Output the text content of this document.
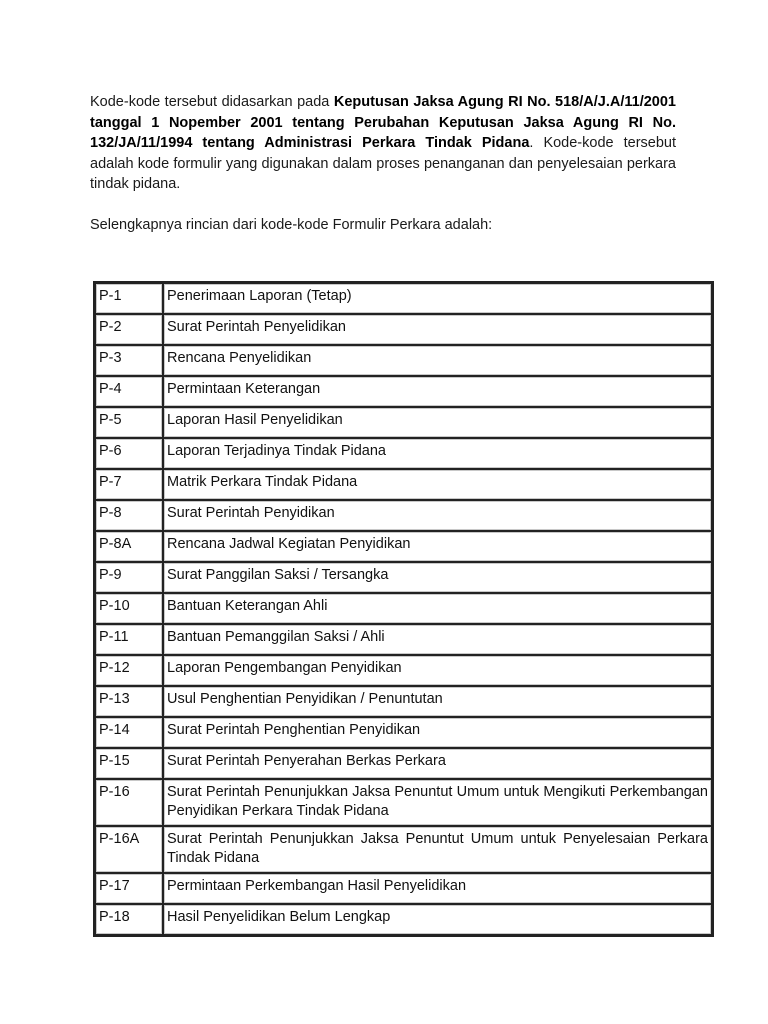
Kode-kode tersebut didasarkan pada Keputusan Jaksa Agung RI No. 518/A/J.A/11/2001 tanggal 1 Nopember 2001 tentang Perubahan Keputusan Jaksa Agung RI No. 132/JA/11/1994 tentang Administrasi Perkara Tindak Pidana. Kode-kode tersebut adalah kode formulir yang digunakan dalam proses penanganan dan penyelesaian perkara tindak pidana.

Selengkapnya rincian dari kode-kode Formulir Perkara adalah:

P-1	Penerimaan Laporan (Tetap)
P-2	Surat Perintah Penyelidikan
P-3	Rencana Penyelidikan
P-4	Permintaan Keterangan
P-5	Laporan Hasil Penyelidikan
P-6	Laporan Terjadinya Tindak Pidana
P-7	Matrik Perkara Tindak Pidana
P-8	Surat Perintah Penyidikan
P-8A	Rencana Jadwal Kegiatan Penyidikan
P-9	Surat Panggilan Saksi / Tersangka
P-10	Bantuan Keterangan Ahli
P-11	Bantuan Pemanggilan Saksi / Ahli
P-12	Laporan Pengembangan Penyidikan
P-13	Usul Penghentian Penyidikan / Penuntutan
P-14	Surat Perintah Penghentian Penyidikan
P-15	Surat Perintah Penyerahan Berkas Perkara
P-16	Surat Perintah Penunjukkan Jaksa Penuntut Umum untuk Mengikuti Perkembangan Penyidikan Perkara Tindak Pidana
P-16A	Surat Perintah Penunjukkan Jaksa Penuntut Umum untuk Penyelesaian Perkara Tindak Pidana
P-17	Permintaan Perkembangan Hasil Penyelidikan
P-18	Hasil Penyelidikan Belum Lengkap
